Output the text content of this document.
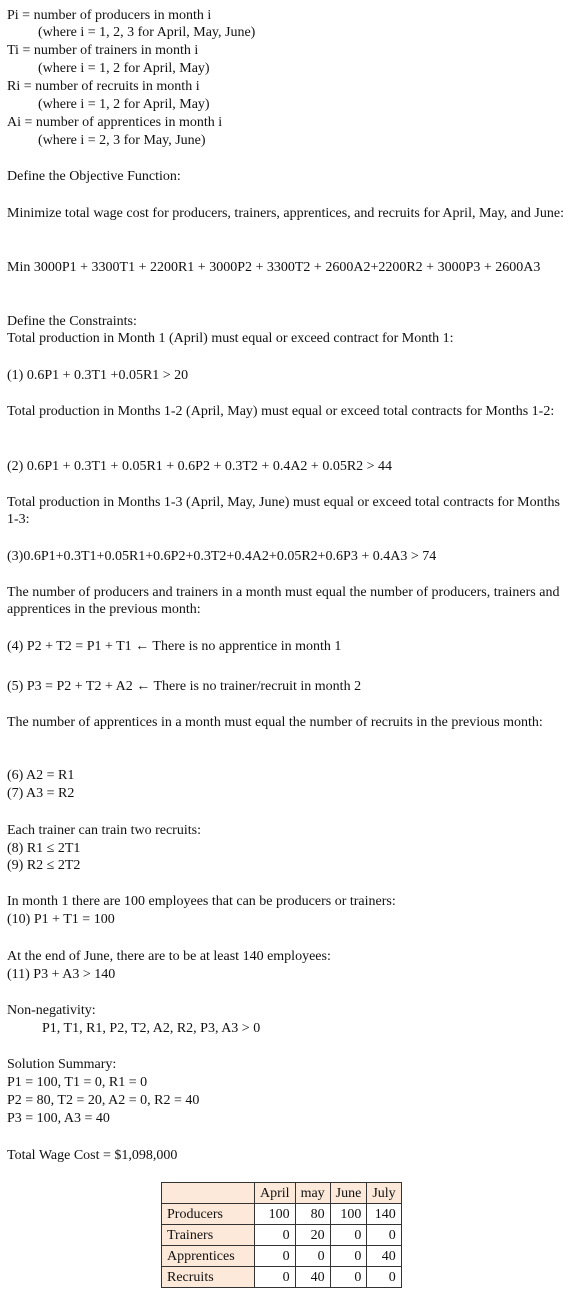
Pi = number of producers in month i
(where i = 1, 2, 3 for April, May, June)
Ti = number of trainers in month i
(where i = 1, 2 for April, May)
Ri = number of recruits in month i
(where i = 1, 2 for April, May)
Ai = number of apprentices in month i
(where i = 2, 3 for May, June)
Define the Objective Function:
Minimize total wage cost for producers, trainers, apprentices, and recruits for April, May, and June:
Min 3000P1 + 3300T1 + 2200R1 + 3000P2 + 3300T2 + 2600A2+2200R2 + 3000P3 + 2600A3
Define the Constraints:
Total production in Month 1 (April) must equal or exceed contract for Month 1:
(1) 0.6P1 + 0.3T1 +0.05R1 > 20
Total production in Months 1-2 (April, May) must equal or exceed total contracts for Months 1-2:
(2) 0.6P1 + 0.3T1 + 0.05R1 + 0.6P2 + 0.3T2 + 0.4A2 + 0.05R2 > 44
Total production in Months 1-3 (April, May, June) must equal or exceed total contracts for Months 1-3:
(3)0.6P1+0.3T1+0.05R1+0.6P2+0.3T2+0.4A2+0.05R2+0.6P3 + 0.4A3 > 74
The number of producers and trainers in a month must equal the number of producers, trainers and apprentices in the previous month:
(4) P2 + T2 = P1 + T1 ← There is no apprentice in month 1
(5) P3 = P2 + T2 + A2 ← There is no trainer/recruit in month 2
The number of apprentices in a month must equal the number of recruits in the previous month:
(6) A2 = R1
(7) A3 = R2
Each trainer can train two recruits:
(8) R1 ≤ 2T1
(9) R2 ≤ 2T2
In month 1 there are 100 employees that can be producers or trainers:
(10) P1 + T1 = 100
At the end of June, there are to be at least 140 employees:
(11) P3 + A3 > 140
Non-negativity:
P1, T1, R1, P2, T2, A2, R2, P3, A3 > 0
Solution Summary:
P1 = 100, T1 = 0, R1 = 0
P2 = 80, T2 = 20, A2 = 0, R2 = 40
P3 = 100, A3 = 40
Total Wage Cost = $1,098,000
	April	may	June	July
Producers	100	80	100	140
Trainers	0	20	0	0
Apprentices	0	0	0	40
Recruits	0	40	0	0
